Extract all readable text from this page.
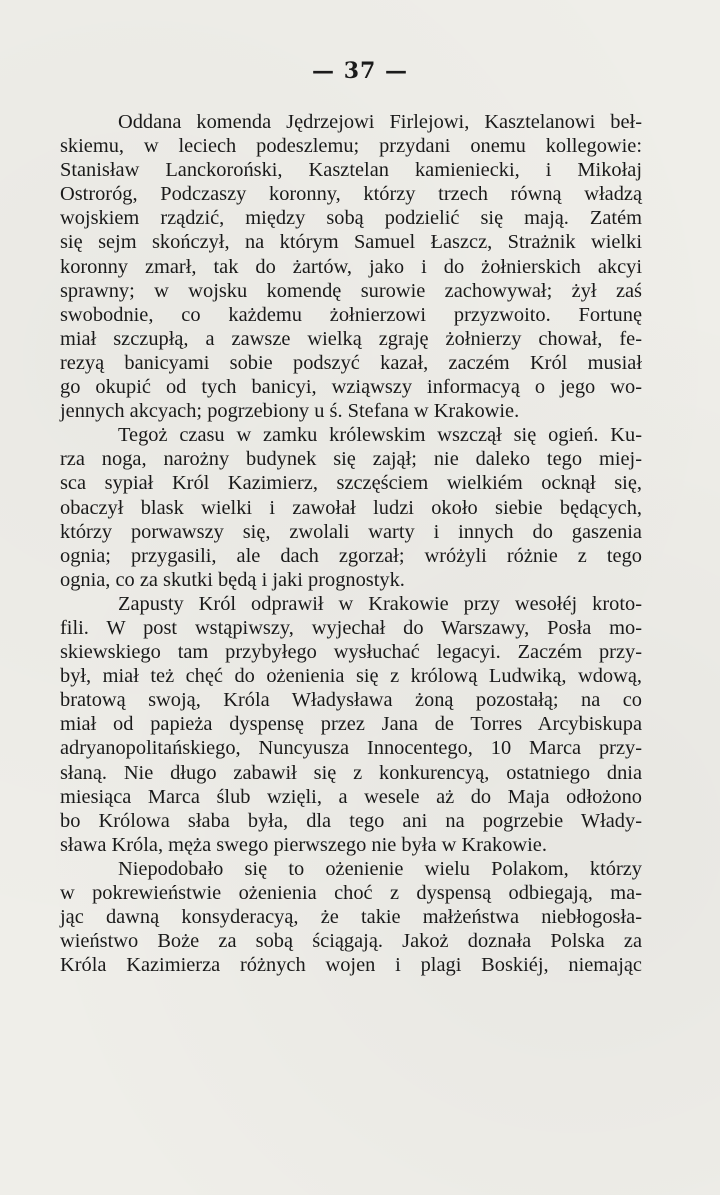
— 37 —
Oddana komenda Jędrzejowi Firlejowi, Kasztelanowi beł-
skiemu, w leciech podeszlemu; przydani onemu kollegowie:
Stanisław Lanckoroński, Kasztelan kamieniecki, i Mikołaj
Ostroróg, Podczaszy koronny, którzy trzech równą władzą
wojskiem rządzić, między sobą podzielić się mają. Zatém
się sejm skończył, na którym Samuel Łaszcz, Strażnik wielki
koronny zmarł, tak do żartów, jako i do żołnierskich akcyi
sprawny; w wojsku komendę surowie zachowywał; żył zaś
swobodnie, co każdemu żołnierzowi przyzwoito. Fortunę
miał szczupłą, a zawsze wielką zgraję żołnierzy chował, fe-
rezyą banicyami sobie podszyć kazał, zaczém Król musiał
go okupić od tych banicyi, wziąwszy informacyą o jego wo-
jennych akcyach; pogrzebiony u ś. Stefana w Krakowie.
Tegoż czasu w zamku królewskim wszczął się ogień. Ku-
rza noga, narożny budynek się zajął; nie daleko tego miej-
sca sypiał Król Kazimierz, szczęściem wielkiém ocknął się,
obaczył blask wielki i zawołał ludzi około siebie będących,
którzy porwawszy się, zwolali warty i innych do gaszenia
ognia; przygasili, ale dach zgorzał; wróżyli różnie z tego
ognia, co za skutki będą i jaki prognostyk.
Zapusty Król odprawił w Krakowie przy wesołéj kroto-
fili. W post wstąpiwszy, wyjechał do Warszawy, Posła mo-
skiewskiego tam przybyłego wysłuchać legacyi. Zaczém przy-
był, miał też chęć do ożenienia się z królową Ludwiką, wdową,
bratową swoją, Króla Władysława żoną pozostałą; na co
miał od papieża dyspensę przez Jana de Torres Arcybiskupa
adryanopolitańskiego, Nuncyusza Innocentego, 10 Marca przy-
słaną. Nie długo zabawił się z konkurencyą, ostatniego dnia
miesiąca Marca ślub wzięli, a wesele aż do Maja odłożono
bo Królowa słaba była, dla tego ani na pogrzebie Włady-
sława Króla, męża swego pierwszego nie była w Krakowie.
Niepodobało się to ożenienie wielu Polakom, którzy
w pokrewieństwie ożenienia choć z dyspensą odbiegają, ma-
jąc dawną konsyderacyą, że takie małżeństwa niebłogosła-
wieństwo Boże za sobą ściągają. Jakoż doznała Polska za
Króla Kazimierza różnych wojen i plagi Boskiéj, niemając
